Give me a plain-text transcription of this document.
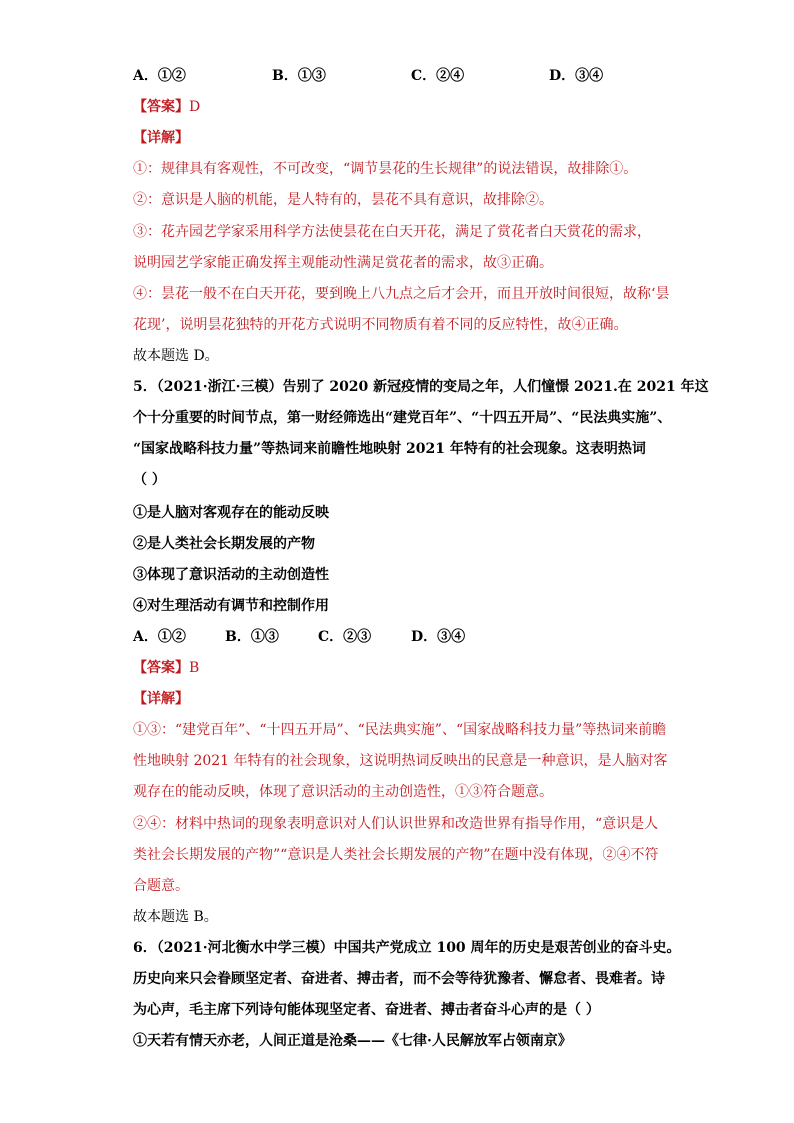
A．①②	B．①③	C．②④	D．③④
【答案】D
【详解】
①：规律具有客观性，不可改变，“调节昙花的生长规律”的说法错误，故排除①。
②：意识是人脑的机能，是人特有的，昙花不具有意识，故排除②。
③：花卉园艺学家采用科学方法使昙花在白天开花，满足了赏花者白天赏花的需求，
说明园艺学家能正确发挥主观能动性满足赏花者的需求，故③正确。
④：昙花一般不在白天开花，要到晚上八九点之后才会开，而且开放时间很短，故称‘昙
花现’，说明昙花独特的开花方式说明不同物质有着不同的反应特性，故④正确。
故本题选 D。
5．（2021·浙江·三模）告别了 2020 新冠疫情的变局之年，人们憧憬 2021.在 2021 年这
个十分重要的时间节点，第一财经筛选出“建党百年”、“十四五开局”、“民法典实施”、
“国家战略科技力量”等热词来前瞻性地映射 2021 年特有的社会现象。这表明热词
（ ）
①是人脑对客观存在的能动反映
②是人类社会长期发展的产物
③体现了意识活动的主动创造性
④对生理活动有调节和控制作用
A．①②	B．①③	C．②③	D．③④
【答案】B
【详解】
①③：“建党百年”、“十四五开局”、“民法典实施”、“国家战略科技力量”等热词来前瞻
性地映射 2021 年特有的社会现象，这说明热词反映出的民意是一种意识，是人脑对客
观存在的能动反映，体现了意识活动的主动创造性，①③符合题意。
②④：材料中热词的现象表明意识对人们认识世界和改造世界有指导作用，“意识是人
类社会长期发展的产物”“意识是人类社会长期发展的产物”在题中没有体现，②④不符
合题意。
故本题选 B。
6．（2021·河北衡水中学三模）中国共产党成立 100 周年的历史是艰苦创业的奋斗史。
历史向来只会眷顾坚定者、奋进者、搏击者，而不会等待犹豫者、懈怠者、畏难者。诗
为心声，毛主席下列诗句能体现坚定者、奋进者、搏击者奋斗心声的是（ ）
①天若有情天亦老，人间正道是沧桑——《七律·人民解放军占领南京》
